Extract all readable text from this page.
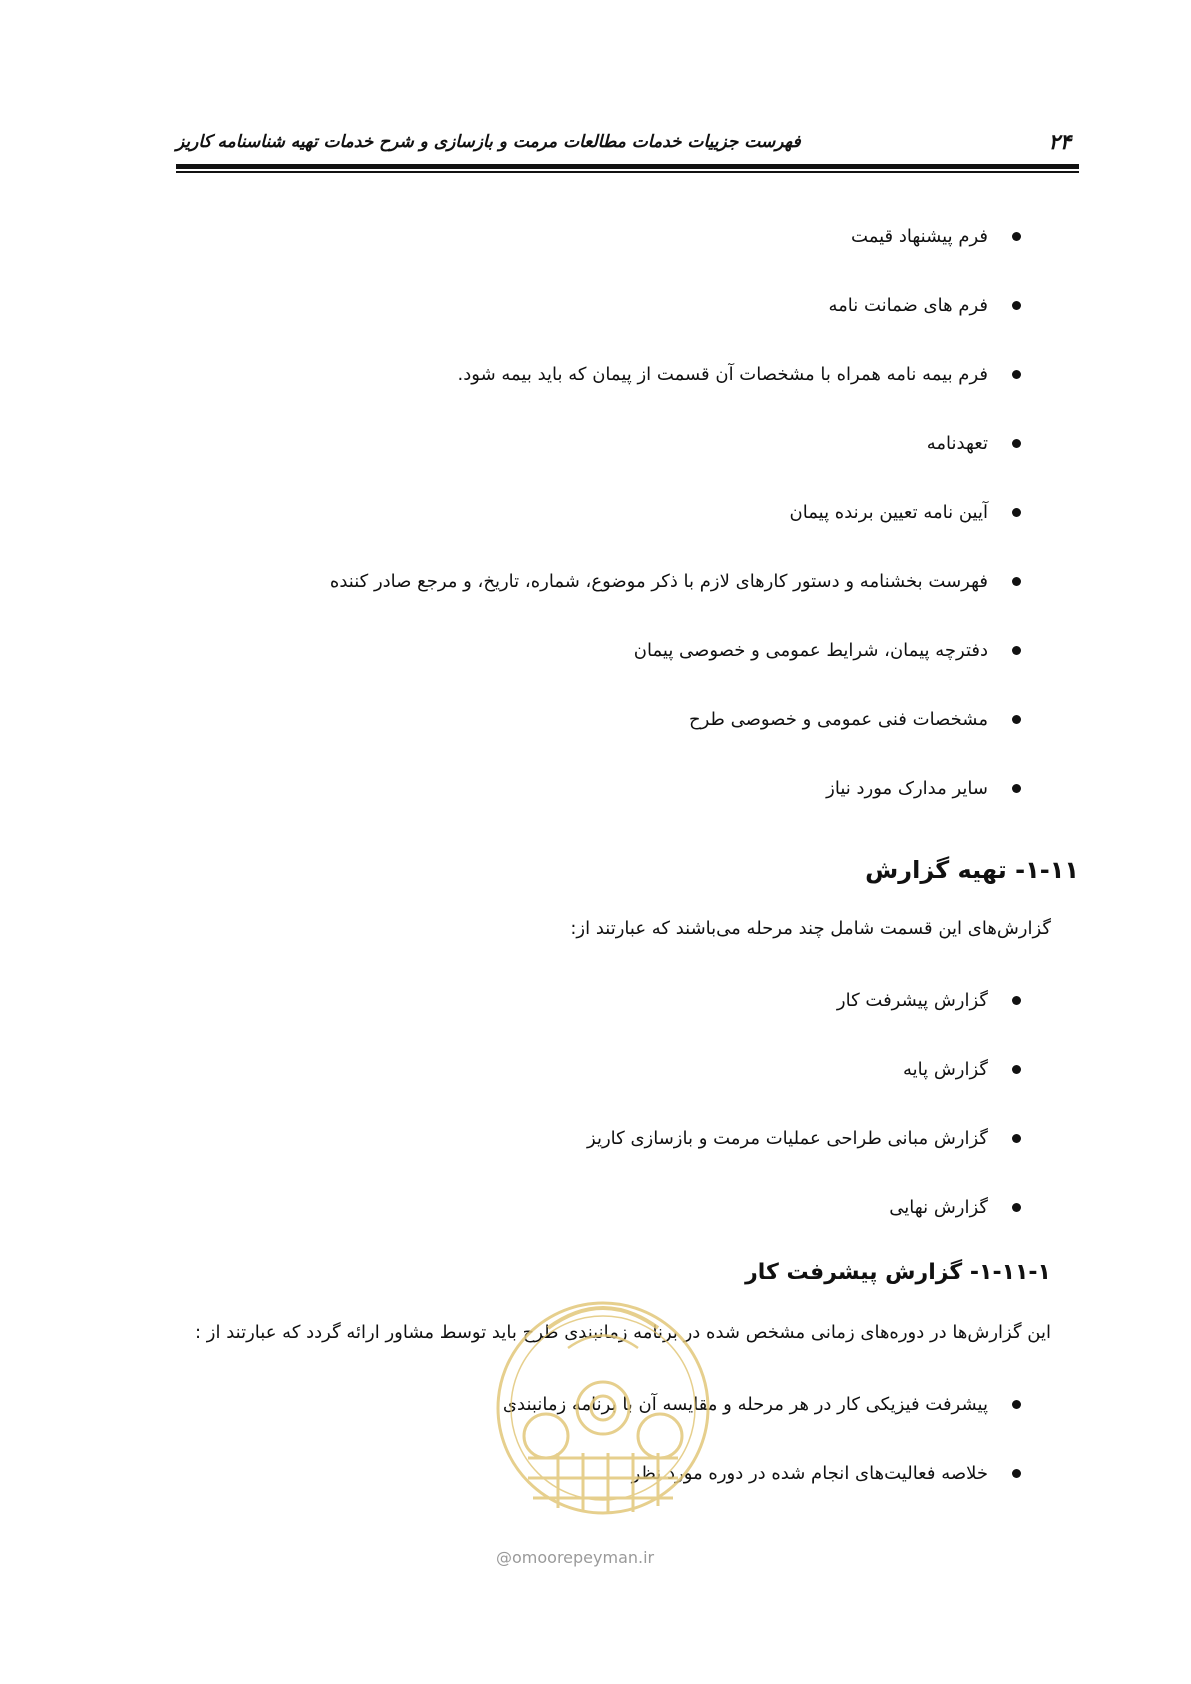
۲۴
فهرست جزییات خدمات مطالعات مرمت و بازسازی و شرح خدمات تهیه شناسنامه کاریز
فرم پیشنهاد قیمت
فرم های ضمانت نامه
فرم بیمه نامه همراه با مشخصات آن قسمت از پیمان که باید بیمه شود.
تعهدنامه
آیین نامه تعیین برنده پیمان
فهرست بخشنامه و دستور کارهای لازم با ذکر موضوع، شماره، تاریخ، و مرجع صادر کننده
دفترچه پیمان، شرایط عمومی و خصوصی پیمان
مشخصات فنی عمومی و خصوصی طرح
سایر مدارک مورد نیاز
۱-۱۱- تهیه گزارش
گزارش‌های این قسمت شامل چند مرحله می‌باشند که عبارتند از:
گزارش پیشرفت کار
گزارش پایه
گزارش مبانی طراحی عملیات مرمت و بازسازی کاریز
گزارش نهایی
۱-۱۱-۱- گزارش پیشرفت کار
این گزارش‌ها در دوره‌های زمانی مشخص شده در برنامه زمانبندی طرح باید توسط مشاور ارائه گردد که عبارتند از :
پیشرفت فیزیکی کار در هر مرحله و مقایسه آن با برنامه زمانبندی
خلاصه فعالیت‌های انجام شده در دوره مورد نظر
@omoorepeyman.ir
